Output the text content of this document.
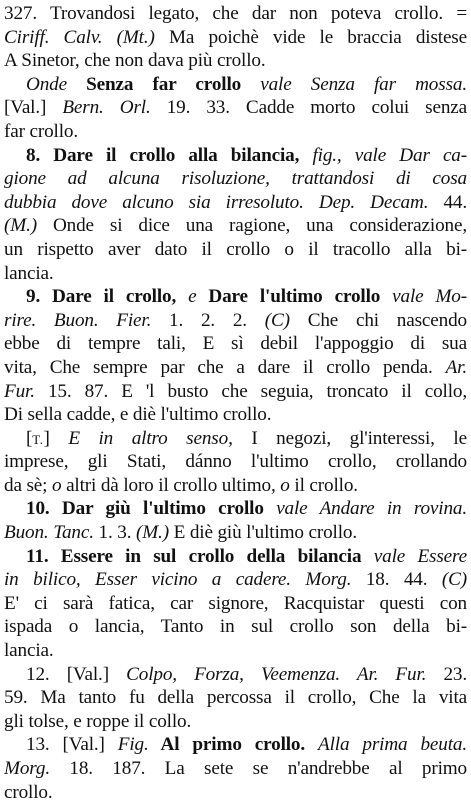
327. Trovandosi legato, che dar non poteva crollo. =
Ciriff. Calv. (Mt.) Ma poichè vide le braccia distese
A Sinetor, che non dava più crollo.
Onde Senza far crollo vale Senza far mossa.
[Val.] Bern. Orl. 19. 33. Cadde morto colui senza
far crollo.
8. Dare il crollo alla bilancia, fig., vale Dar ca-
gione ad alcuna risoluzione, trattandosi di cosa
dubbia dove alcuno sia irresoluto. Dep. Decam. 44.
(M.) Onde si dice una ragione, una considerazione,
un rispetto aver dato il crollo o il tracollo alla bi-
lancia.
9. Dare il crollo, e Dare l'ultimo crollo vale Mo-
rire. Buon. Fier. 1. 2. 2. (C) Che chi nascendo
ebbe di tempre tali, E sì debil l'appoggio di sua
vita, Che sempre par che a dare il crollo penda. Ar.
Fur. 15. 87. E 'l busto che seguia, troncato il collo,
Di sella cadde, e diè l'ultimo crollo.
[T.] E in altro senso, I negozi, gl'interessi, le
imprese, gli Stati, dánno l'ultimo crollo, crollando
da sè; o altri dà loro il crollo ultimo, o il crollo.
10. Dar giù l'ultimo crollo vale Andare in rovina.
Buon. Tanc. 1. 3. (M.) E diè giù l'ultimo crollo.
11. Essere in sul crollo della bilancia vale Essere
in bilico, Esser vicino a cadere. Morg. 18. 44. (C)
E' ci sarà fatica, car signore, Racquistar questi con
ispada o lancia, Tanto in sul crollo son della bi-
lancia.
12. [Val.] Colpo, Forza, Veemenza. Ar. Fur. 23.
59. Ma tanto fu della percossa il crollo, Che la vita
gli tolse, e roppe il collo.
13. [Val.] Fig. Al primo crollo. Alla prima beuta.
Morg. 18. 187. La sete se n'andrebbe al primo
crollo.
